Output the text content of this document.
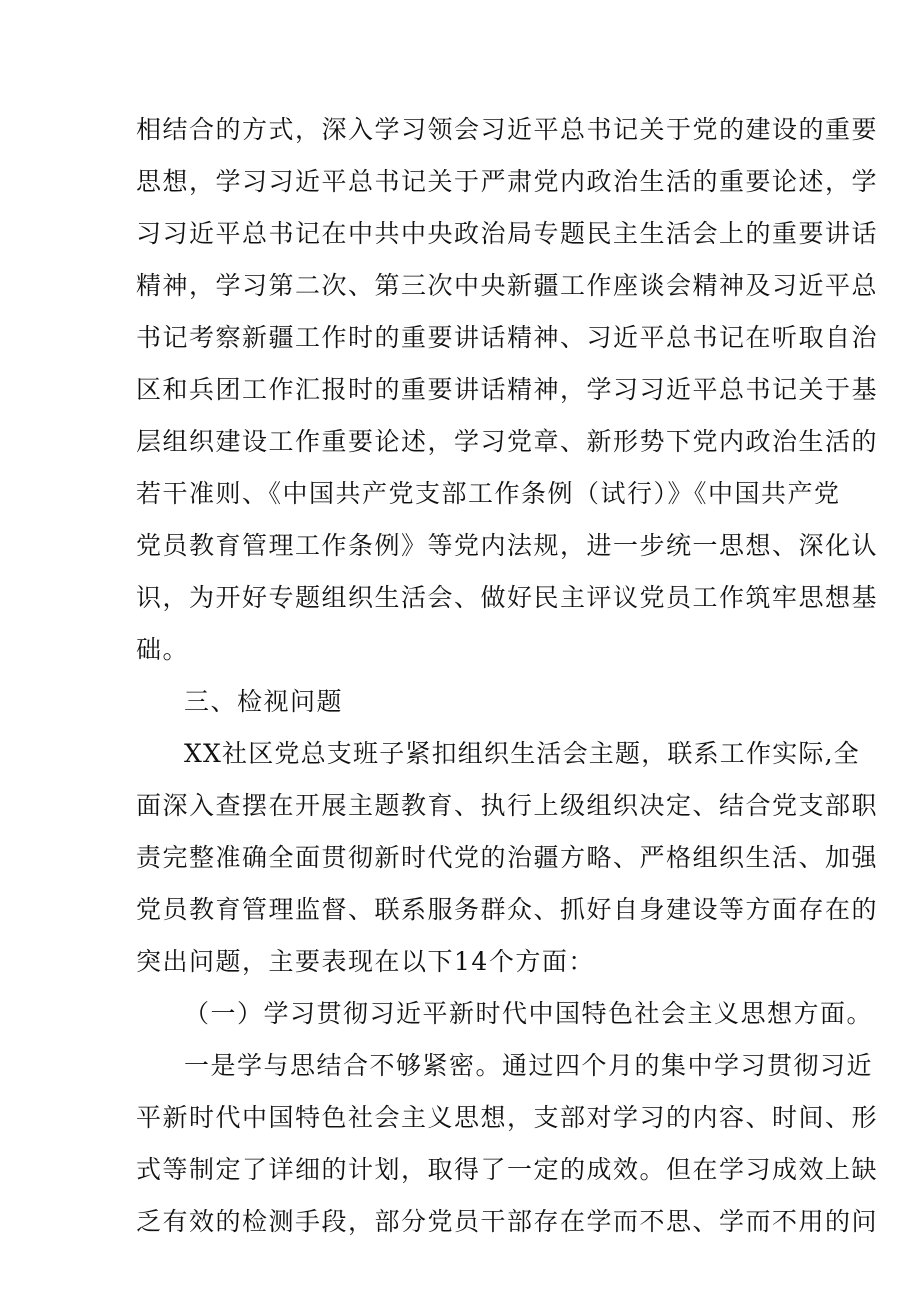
相结合的方式，深入学习领会习近平总书记关于党的建设的重要
思想，学习习近平总书记关于严肃党内政治生活的重要论述，学
习习近平总书记在中共中央政治局专题民主生活会上的重要讲话
精神，学习第二次、第三次中央新疆工作座谈会精神及习近平总
书记考察新疆工作时的重要讲话精神、习近平总书记在听取自治
区和兵团工作汇报时的重要讲话精神，学习习近平总书记关于基
层组织建设工作重要论述，学习党章、新形势下党内政治生活的
若干准则、《中国共产党支部工作条例（试行）》《中国共产党
党员教育管理工作条例》等党内法规，进一步统一思想、深化认
识，为开好专题组织生活会、做好民主评议党员工作筑牢思想基
础。
三、检视问题
XX社区党总支班子紧扣组织生活会主题，联系工作实际,全
面深入查摆在开展主题教育、执行上级组织决定、结合党支部职
责完整准确全面贯彻新时代党的治疆方略、严格组织生活、加强
党员教育管理监督、联系服务群众、抓好自身建设等方面存在的
突出问题，主要表现在以下14个方面：
（一）学习贯彻习近平新时代中国特色社会主义思想方面。
一是学与思结合不够紧密。通过四个月的集中学习贯彻习近
平新时代中国特色社会主义思想，支部对学习的内容、时间、形
式等制定了详细的计划，取得了一定的成效。但在学习成效上缺
乏有效的检测手段，部分党员干部存在学而不思、学而不用的问
